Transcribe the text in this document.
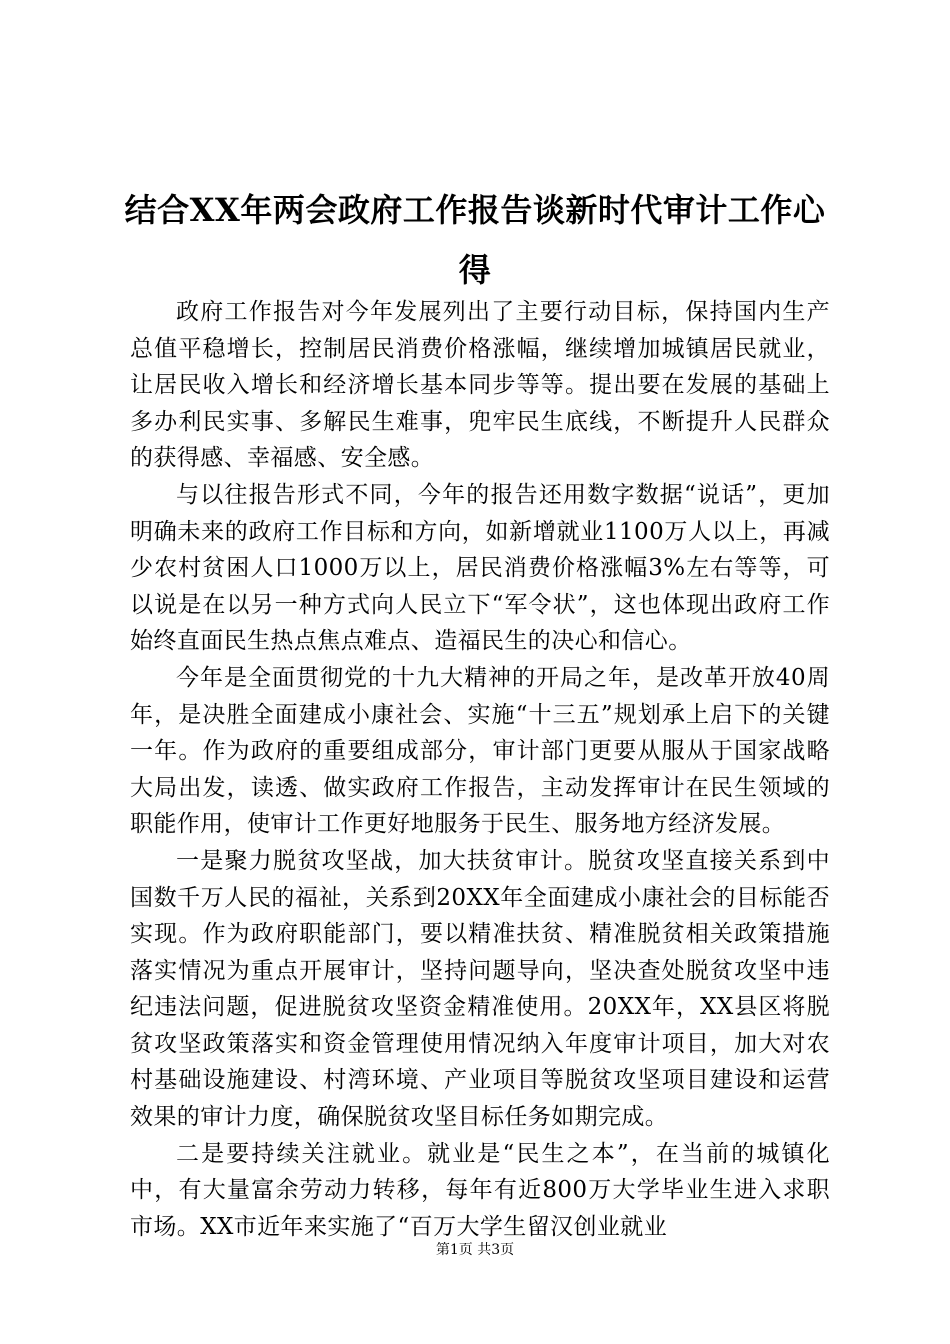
结合XX年两会政府工作报告谈新时代审计工作心得

政府工作报告对今年发展列出了主要行动目标，保持国内生产总值平稳增长，控制居民消费价格涨幅，继续增加城镇居民就业，让居民收入增长和经济增长基本同步等等。提出要在发展的基础上多办利民实事、多解民生难事，兜牢民生底线，不断提升人民群众的获得感、幸福感、安全感。

与以往报告形式不同，今年的报告还用数字数据“说话”，更加明确未来的政府工作目标和方向，如新增就业1100万人以上，再减少农村贫困人口1000万以上，居民消费价格涨幅3%左右等等，可以说是在以另一种方式向人民立下“军令状”，这也体现出政府工作始终直面民生热点焦点难点、造福民生的决心和信心。

今年是全面贯彻党的十九大精神的开局之年，是改革开放40周年，是决胜全面建成小康社会、实施“十三五”规划承上启下的关键一年。作为政府的重要组成部分，审计部门更要从服从于国家战略大局出发，读透、做实政府工作报告，主动发挥审计在民生领域的职能作用，使审计工作更好地服务于民生、服务地方经济发展。

一是聚力脱贫攻坚战，加大扶贫审计。脱贫攻坚直接关系到中国数千万人民的福祉，关系到20XX年全面建成小康社会的目标能否实现。作为政府职能部门，要以精准扶贫、精准脱贫相关政策措施落实情况为重点开展审计，坚持问题导向，坚决查处脱贫攻坚中违纪违法问题，促进脱贫攻坚资金精准使用。20XX年，XX县区将脱贫攻坚政策落实和资金管理使用情况纳入年度审计项目，加大对农村基础设施建设、村湾环境、产业项目等脱贫攻坚项目建设和运营效果的审计力度，确保脱贫攻坚目标任务如期完成。

二是要持续关注就业。就业是“民生之本”，在当前的城镇化中，有大量富余劳动力转移，每年有近800万大学毕业生进入求职市场。XX市近年来实施了“百万大学生留汉创业就业

第1页 共3页
